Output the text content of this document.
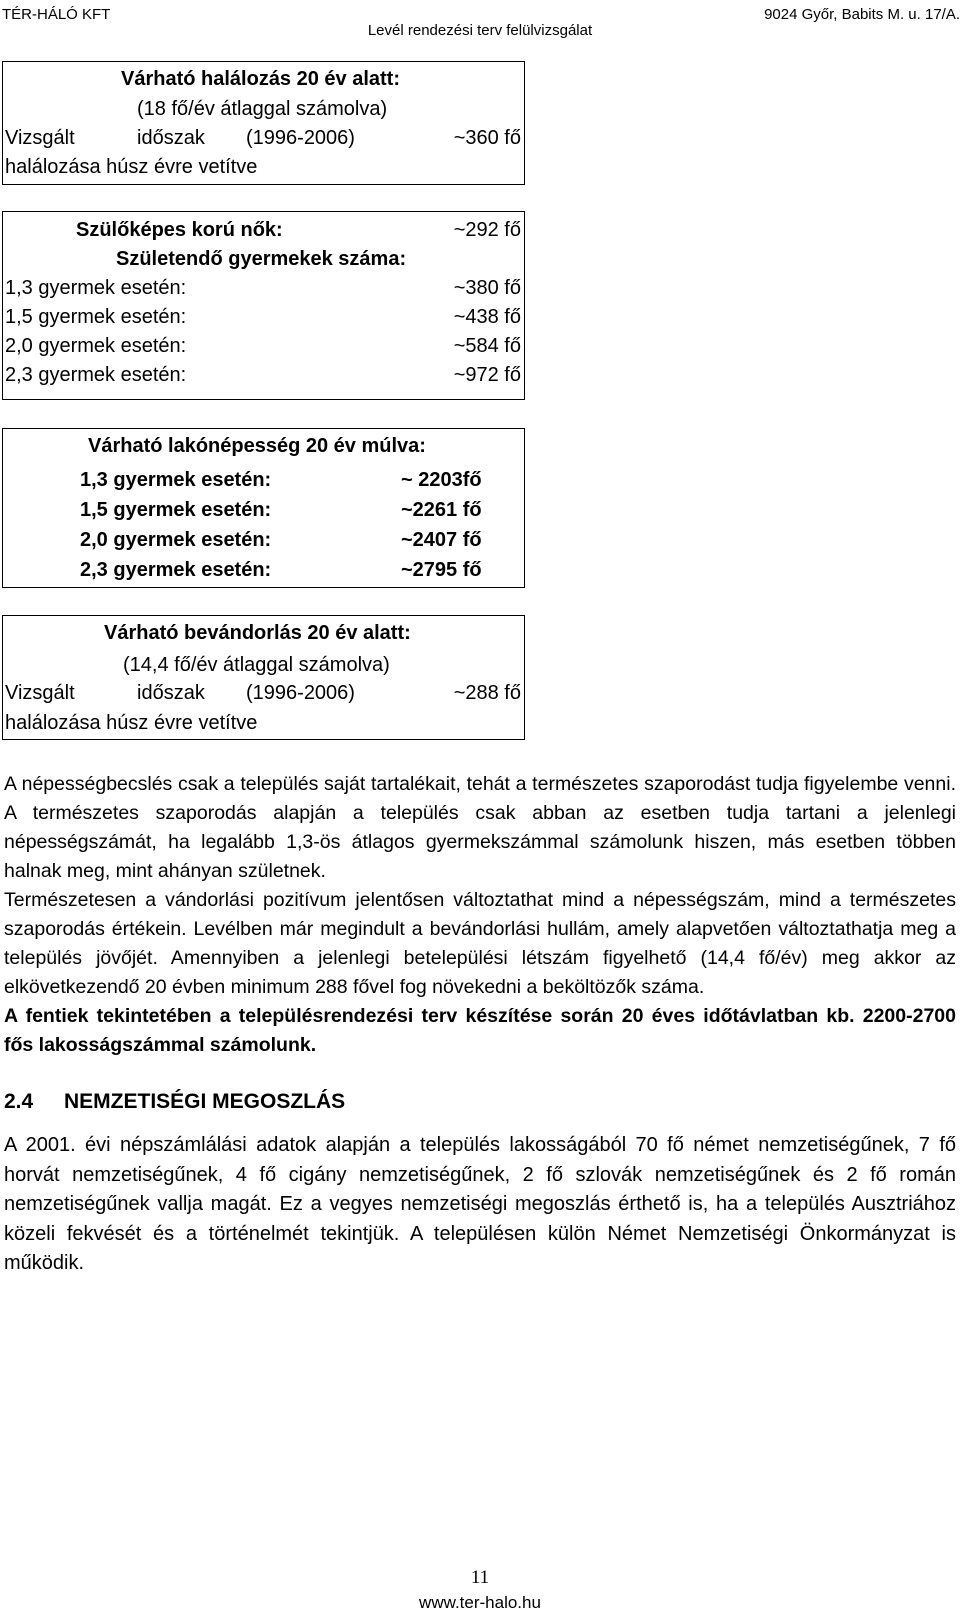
TÉR-HÁLÓ KFT
Levél rendezési terv felülvizsgálat
9024 Győr, Babits M. u. 17/A.
Várható halálozás 20 év alatt:
(18 fő/év átlaggal számolva)
Vizsgált	időszak (1996-2006)	~360 fő
halálozása húsz évre vetítve
Szülőképes korú nők:	~292 fő
Születendő gyermekek száma:
1,3 gyermek esetén:	~380 fő
1,5 gyermek esetén:	~438 fő
2,0 gyermek esetén:	~584 fő
2,3 gyermek esetén:	~972 fő
Várható lakónépesség 20 év múlva:
1,3 gyermek esetén:	~ 2203fő
1,5 gyermek esetén:	~2261 fő
2,0 gyermek esetén:	~2407 fő
2,3 gyermek esetén:	~2795 fő
Várható bevándorlás 20 év alatt:
(14,4 fő/év átlaggal számolva)
Vizsgált	időszak (1996-2006)	~288 fő
halálozása húsz évre vetítve

A népességbecslés csak a település saját tartalékait, tehát a természetes szaporodást tudja figyelembe venni. A természetes szaporodás alapján a település csak abban az esetben tudja tartani a jelenlegi népességszámát, ha legalább 1,3-ös átlagos gyermekszámmal számolunk hiszen, más esetben többen halnak meg, mint ahányan születnek.

Természetesen a vándorlási pozitívum jelentősen változtathat mind a népességszám, mind a természetes szaporodás értékein. Levélben már megindult a bevándorlási hullám, amely alapvetően változtathatja meg a település jövőjét. Amennyiben a jelenlegi betelepülési létszám figyelhető (14,4 fő/év) meg akkor az elkövetkezendő 20 évben minimum 288 fővel fog növekedni a beköltözők száma.

A fentiek tekintetében a településrendezési terv készítése során 20 éves időtávlatban kb. 2200-2700 fős lakosságszámmal számolunk.

2.4 NEMZETISÉGI MEGOSZLÁS
A 2001. évi népszámlálási adatok alapján a település lakosságából 70 fő német nemzetiségűnek, 7 fő horvát nemzetiségűnek, 4 fő cigány nemzetiségűnek, 2 fő szlovák nemzetiségűnek és 2 fő román nemzetiségűnek vallja magát. Ez a vegyes nemzetiségi megoszlás érthető is, ha a település Ausztriához közeli fekvését és a történelmét tekintjük. A településen külön Német Nemzetiségi Önkormányzat is működik.
11
www.ter-halo.hu
